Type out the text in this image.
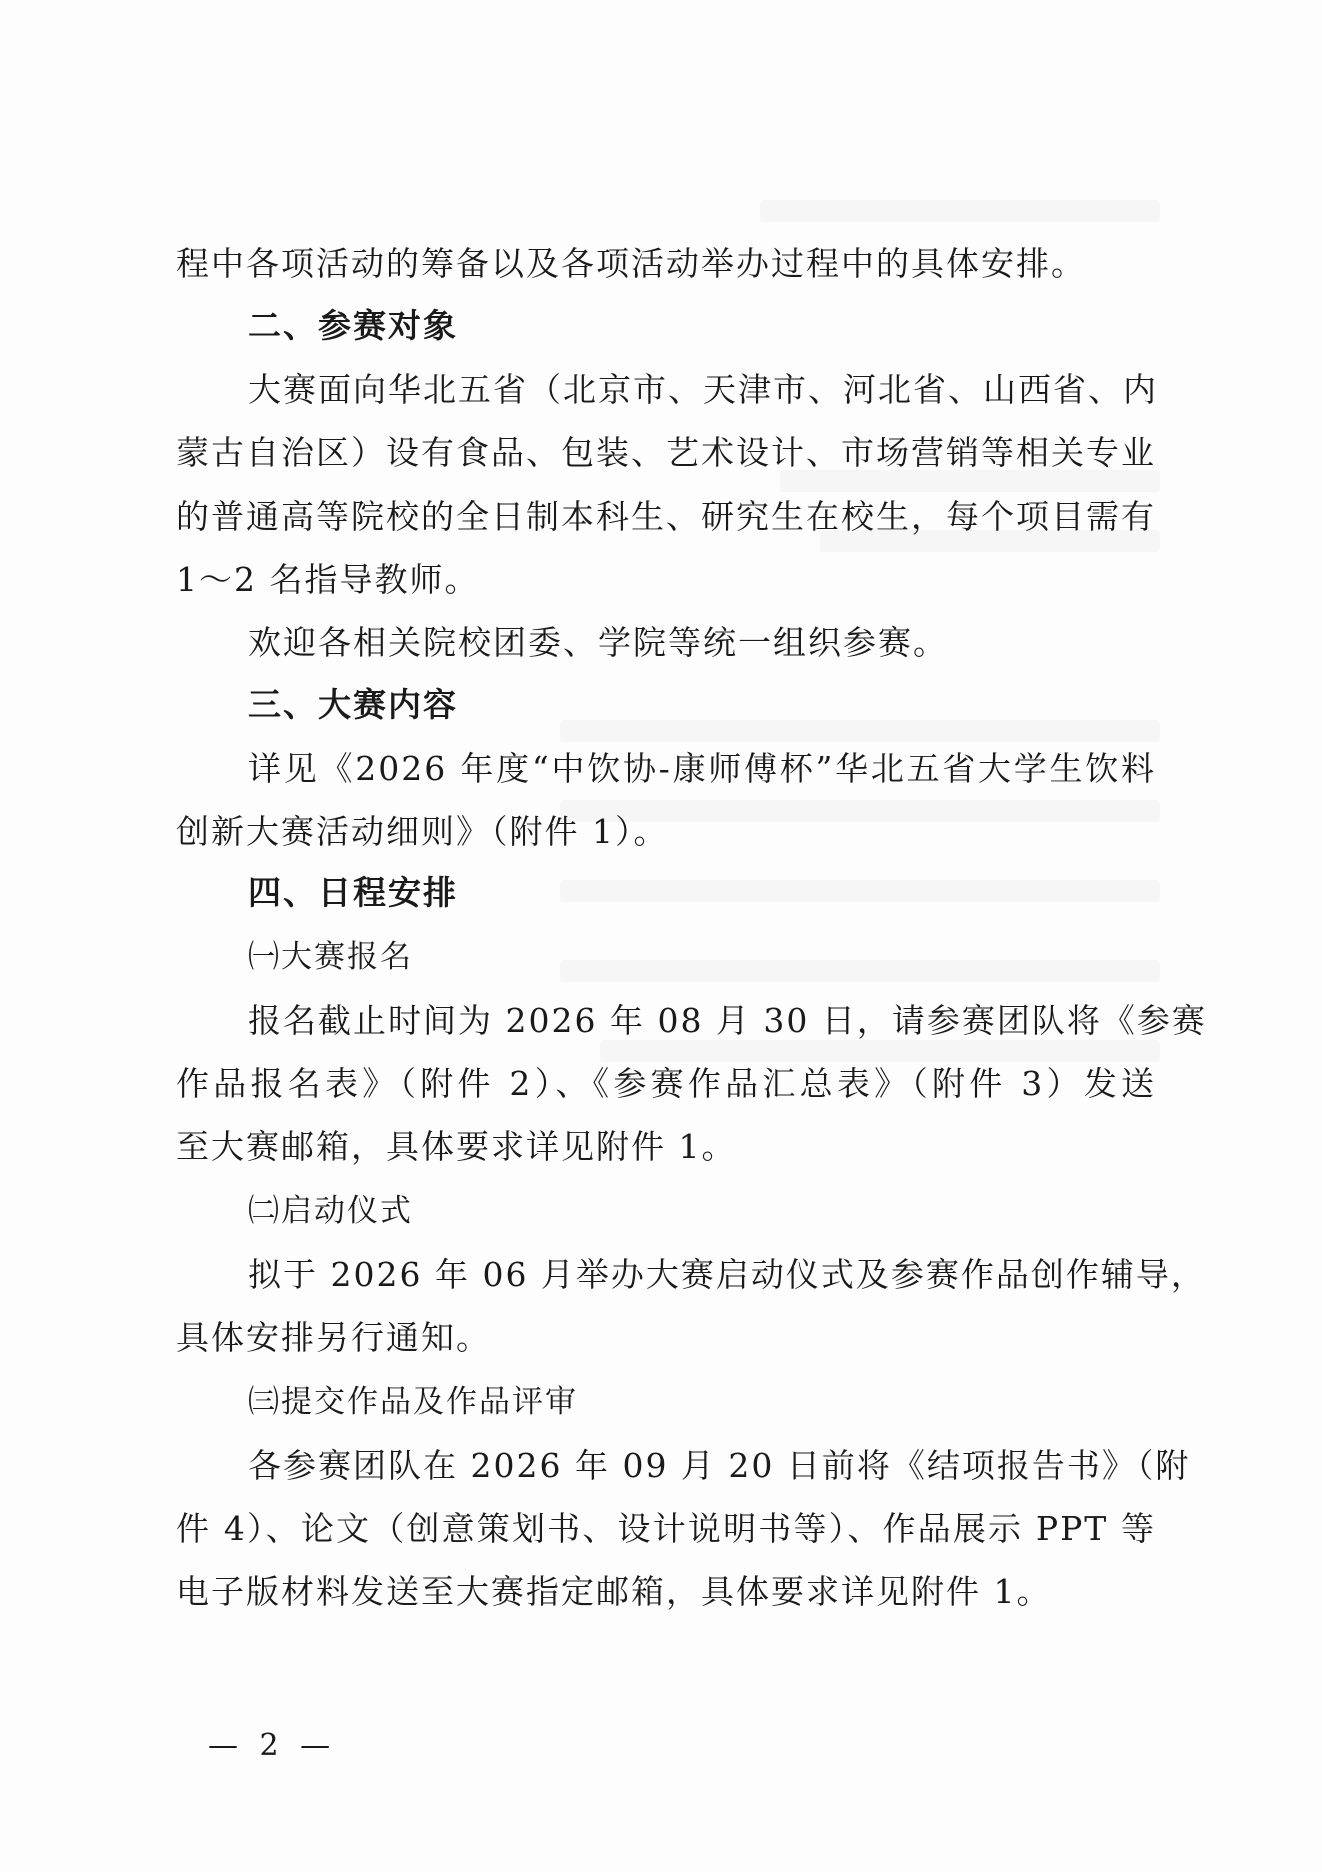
程中各项活动的筹备以及各项活动举办过程中的具体安排。
二、参赛对象
大赛面向华北五省（北京市、天津市、河北省、山西省、内
蒙古自治区）设有食品、包装、艺术设计、市场营销等相关专业
的普通高等院校的全日制本科生、研究生在校生，每个项目需有
1～2 名指导教师。
欢迎各相关院校团委、学院等统一组织参赛。
三、大赛内容
详见《2026 年度“中饮协-康师傅杯”华北五省大学生饮料
创新大赛活动细则》（附件 1）。
四、日程安排
㈠大赛报名
报名截止时间为 2026 年 08 月 30 日，请参赛团队将《参赛
作品报名表》（附件 2）、《参赛作品汇总表》（附件 3）发送
至大赛邮箱，具体要求详见附件 1。
㈡启动仪式
拟于 2026 年 06 月举办大赛启动仪式及参赛作品创作辅导，
具体安排另行通知。
㈢提交作品及作品评审
各参赛团队在 2026 年 09 月 20 日前将《结项报告书》（附
件 4）、论文（创意策划书、设计说明书等）、作品展示 PPT 等
电子版材料发送至大赛指定邮箱，具体要求详见附件 1。
— 2 —
